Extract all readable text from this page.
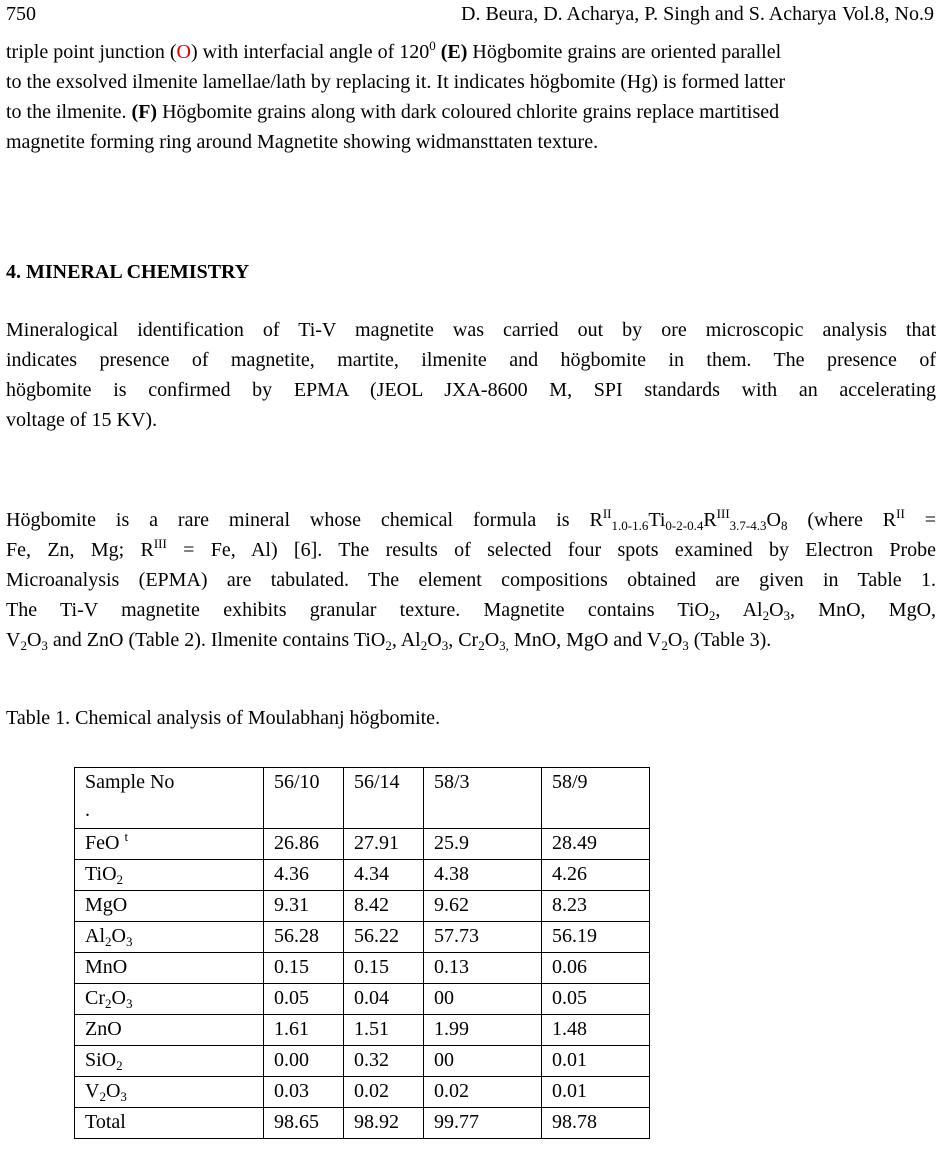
750	D. Beura, D. Acharya, P. Singh and S. Acharya Vol.8, No.9
triple point junction (O) with interfacial angle of $120^0$ (E) Högbomite grains are oriented parallel
to the exsolved ilmenite lamellae/lath by replacing it. It indicates högbomite (Hg) is formed latter
to the ilmenite. (F) Högbomite grains along with dark coloured chlorite grains replace martitised
magnetite forming ring around Magnetite showing widmansttaten texture.
4. MINERAL CHEMISTRY
Mineralogical identification of Ti-V magnetite was carried out by ore microscopic analysis that
indicates presence of magnetite, martite, ilmenite and högbomite in them. The presence of
högbomite is confirmed by EPMA (JEOL JXA-8600 M, SPI standards with an accelerating
voltage of 15 KV).
Högbomite is a rare mineral whose chemical formula is $R^{II}_{1.0-1.6}Ti_{0-2-0.4}R^{III}_{3.7-4.3}O_8$ (where $R^{II}$ =
Fe, Zn, Mg; $R^{III} = Fe$, Al) [6]. The results of selected four spots examined by Electron Probe
Microanalysis (EPMA) are tabulated. The element compositions obtained are given in Table 1.
The Ti-V magnetite exhibits granular texture. Magnetite contains TiO$_2$, $Al_2O_3$, MnO, MgO,
$V_2O_3$ and ZnO (Table 2). Ilmenite contains TiO$_2$, $Al_2O_3$, $Cr_2O_{3,}$ MnO, MgO and $V_2O_3$ (Table 3).
Table 1. Chemical analysis of Moulabhanj högbomite.
Sample No
.	56/10	56/14	58/3	58/9
FeO $^t$	26.86	27.91	25.9	28.49
TiO$_2$	4.36	4.34	4.38	4.26
MgO	9.31	8.42	9.62	8.23
$Al_2O_3$	56.28	56.22	57.73	56.19
MnO	0.15	0.15	0.13	0.06
$Cr_2O_3$	0.05	0.04	00	0.05
ZnO	1.61	1.51	1.99	1.48
SiO$_2$	0.00	0.32	00	0.01
$V_2O_3$	0.03	0.02	0.02	0.01
Total	98.65	98.92	99.77	98.78
